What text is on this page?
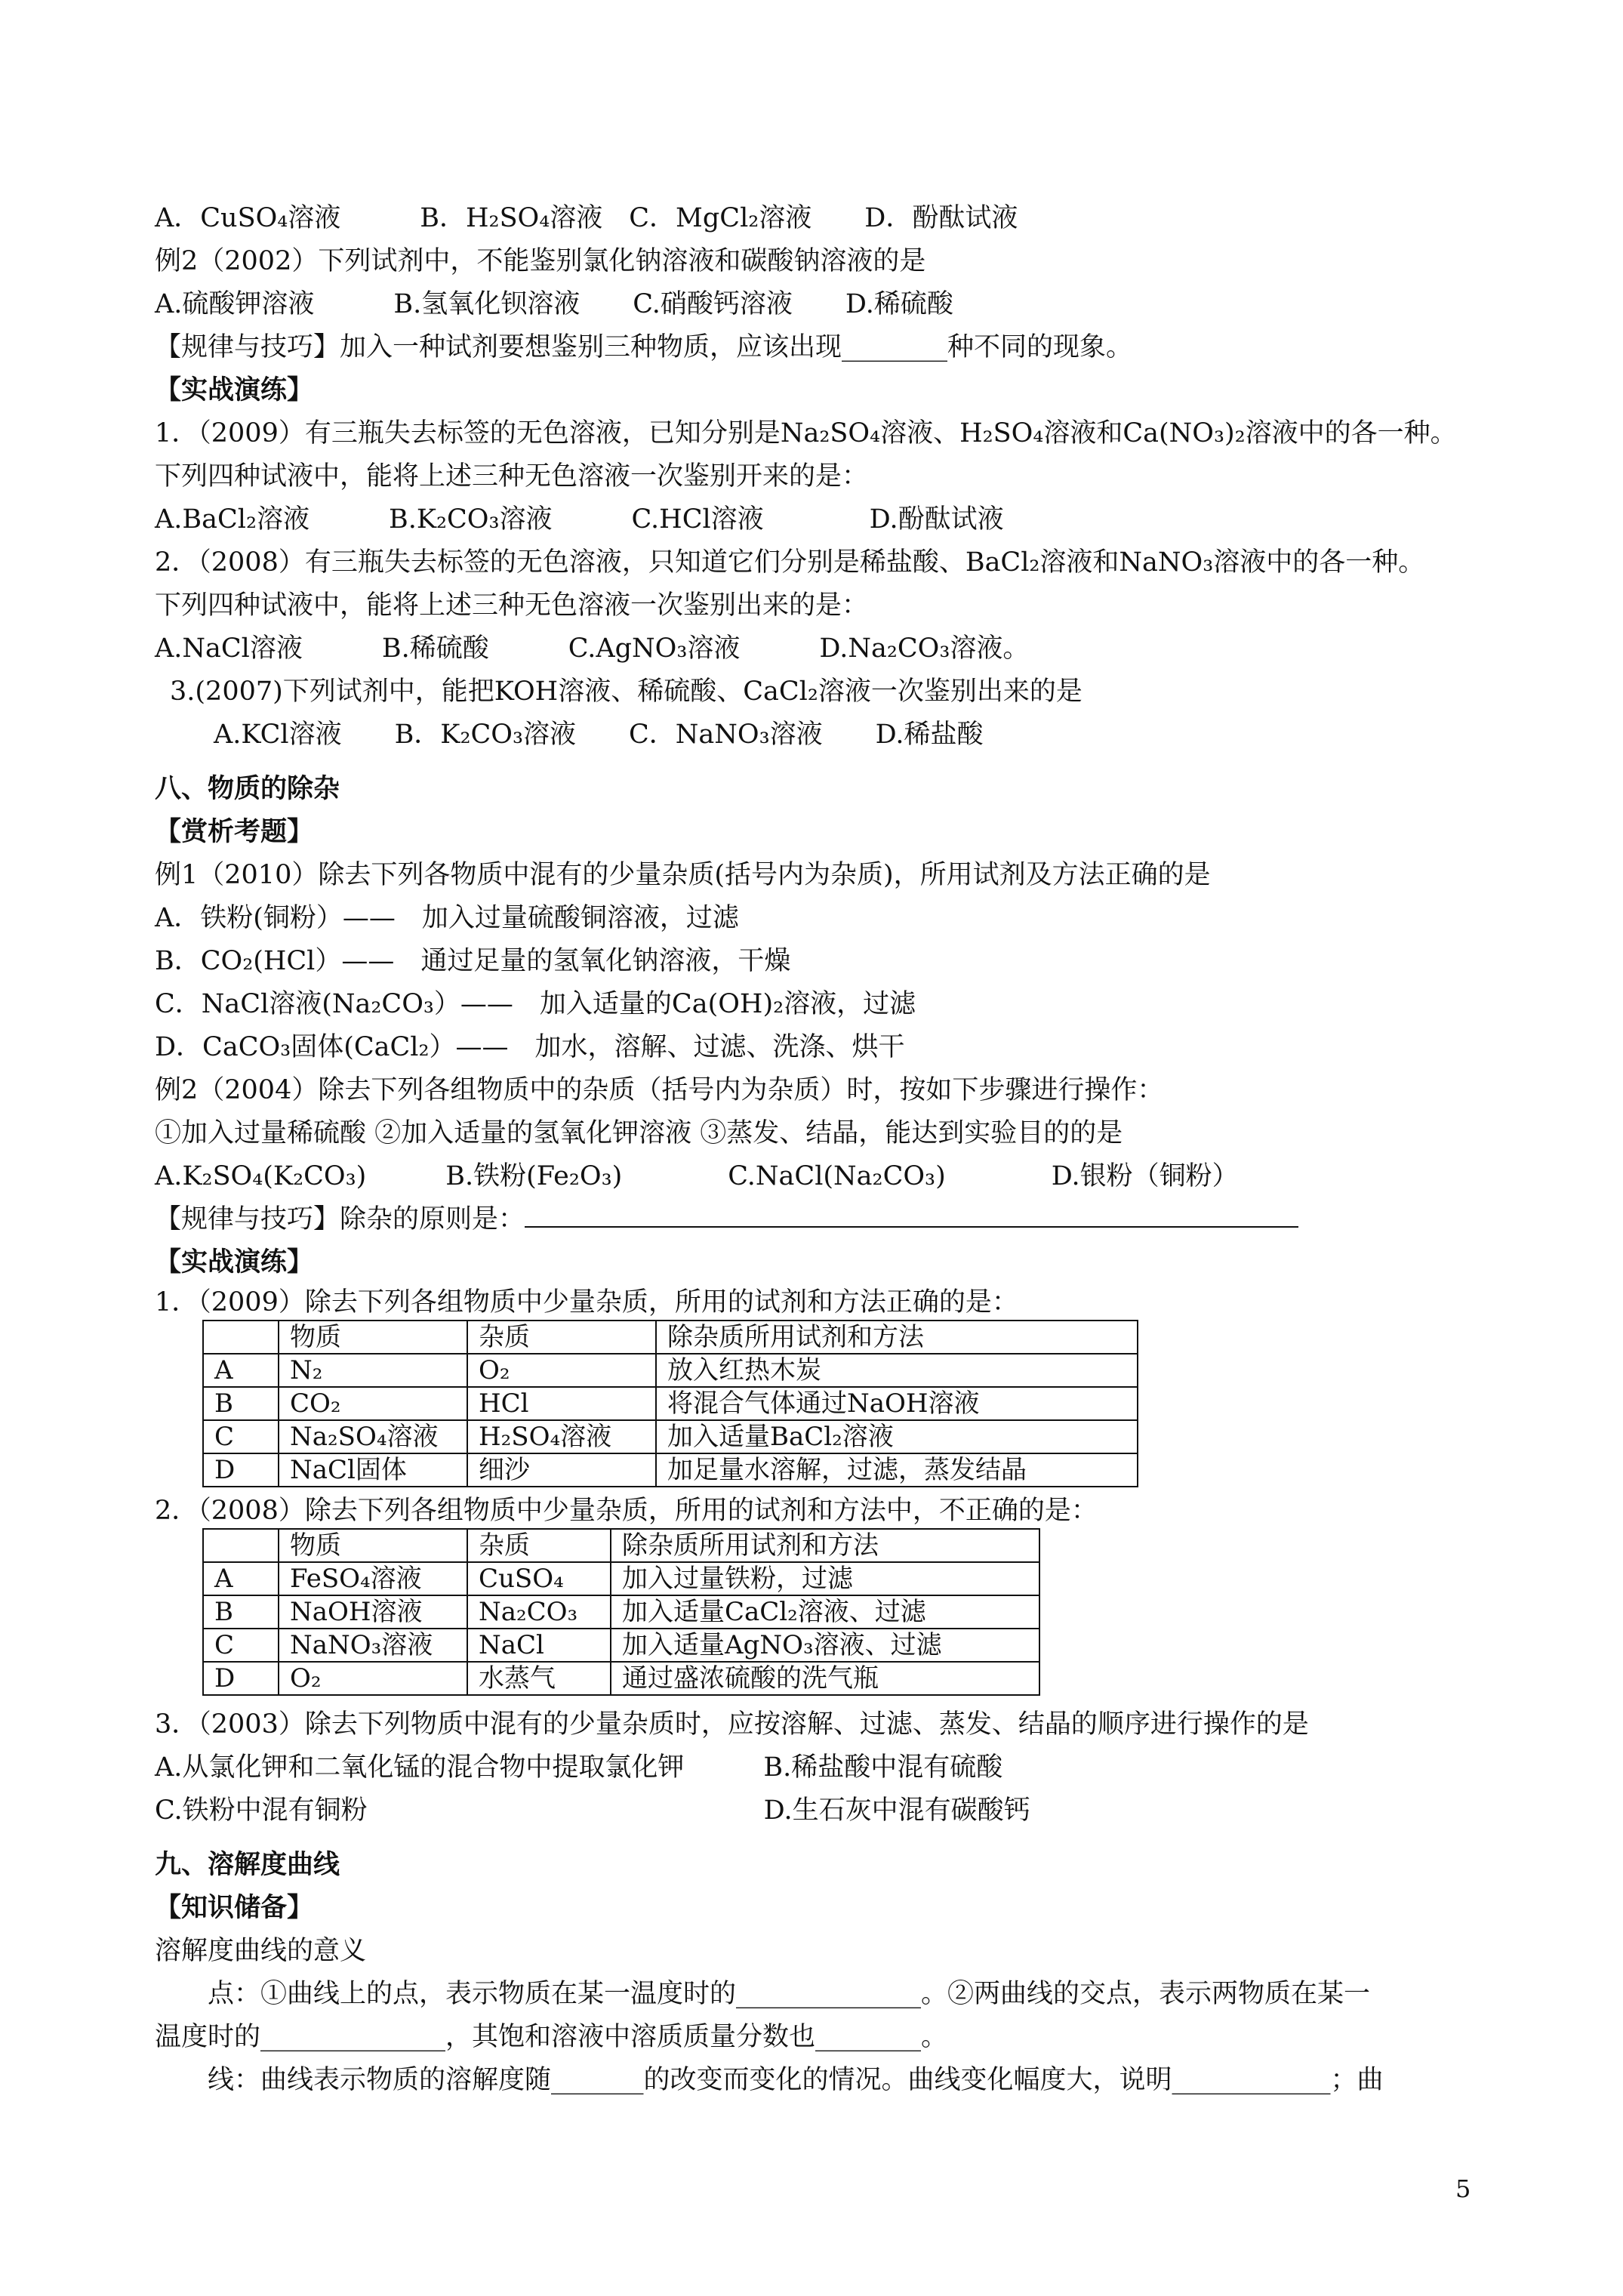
A．CuSO₄溶液　　　B．H₂SO₄溶液　C．MgCl₂溶液　　D．酚酞试液
例2（2002）下列试剂中，不能鉴别氯化钠溶液和碳酸钠溶液的是
A.硫酸钾溶液　　　B.氢氧化钡溶液　　C.硝酸钙溶液　　D.稀硫酸
【规律与技巧】加入一种试剂要想鉴别三种物质，应该出现________种不同的现象。
【实战演练】
1．（2009）有三瓶失去标签的无色溶液，已知分别是Na₂SO₄溶液、H₂SO₄溶液和Ca(NO₃)₂溶液中的各一种。
下列四种试液中，能将上述三种无色溶液一次鉴别开来的是：
A.BaCl₂溶液　　　B.K₂CO₃溶液　　　C.HCl溶液　　　　D.酚酞试液
2．（2008）有三瓶失去标签的无色溶液，只知道它们分别是稀盐酸、BaCl₂溶液和NaNO₃溶液中的各一种。
下列四种试液中，能将上述三种无色溶液一次鉴别出来的是：
A.NaCl溶液　　　B.稀硫酸　　　C.AgNO₃溶液　　　D.Na₂CO₃溶液。
3.(2007)下列试剂中，能把KOH溶液、稀硫酸、CaCl₂溶液一次鉴别出来的是
A.KCl溶液　　B．K₂CO₃溶液　　C．NaNO₃溶液　　D.稀盐酸
八、物质的除杂
【赏析考题】
例1（2010）除去下列各物质中混有的少量杂质(括号内为杂质)，所用试剂及方法正确的是
A．铁粉(铜粉）——　加入过量硫酸铜溶液，过滤
B．CO₂(HCl）——　通过足量的氢氧化钠溶液，干燥
C．NaCl溶液(Na₂CO₃）——　加入适量的Ca(OH)₂溶液，过滤
D．CaCO₃固体(CaCl₂）——　加水，溶解、过滤、洗涤、烘干
例2（2004）除去下列各组物质中的杂质（括号内为杂质）时，按如下步骤进行操作：
①加入过量稀硫酸 ②加入适量的氢氧化钾溶液 ③蒸发、结晶，能达到实验目的的是
A.K₂SO₄(K₂CO₃)　　　B.铁粉(Fe₂O₃)　　　　C.NaCl(Na₂CO₃)　　　　D.银粉（铜粉）
【规律与技巧】除杂的原则是：
【实战演练】
1．（2009）除去下列各组物质中少量杂质，所用的试剂和方法正确的是：
	物质	杂质	除杂质所用试剂和方法
A	N₂	O₂	放入红热木炭
B	CO₂	HCl	将混合气体通过NaOH溶液
C	Na₂SO₄溶液	H₂SO₄溶液	加入适量BaCl₂溶液
D	NaCl固体	细沙	加足量水溶解，过滤，蒸发结晶
2．（2008）除去下列各组物质中少量杂质，所用的试剂和方法中，不正确的是：
	物质	杂质	除杂质所用试剂和方法
A	FeSO₄溶液	CuSO₄	加入过量铁粉，过滤
B	NaOH溶液	Na₂CO₃	加入适量CaCl₂溶液、过滤
C	NaNO₃溶液	NaCl	加入适量AgNO₃溶液、过滤
D	O₂	水蒸气	通过盛浓硫酸的洗气瓶
3．（2003）除去下列物质中混有的少量杂质时，应按溶解、过滤、蒸发、结晶的顺序进行操作的是
A.从氯化钾和二氧化锰的混合物中提取氯化钾　　　B.稀盐酸中混有硫酸
C.铁粉中混有铜粉　　　　　　　　　　　　　　　D.生石灰中混有碳酸钙
九、溶解度曲线
【知识储备】
溶解度曲线的意义
　　点：①曲线上的点，表示物质在某一温度时的______________。②两曲线的交点，表示两物质在某一
温度时的______________，其饱和溶液中溶质质量分数也________。
　　线：曲线表示物质的溶解度随_______的改变而变化的情况。曲线变化幅度大，说明____________；曲
5
